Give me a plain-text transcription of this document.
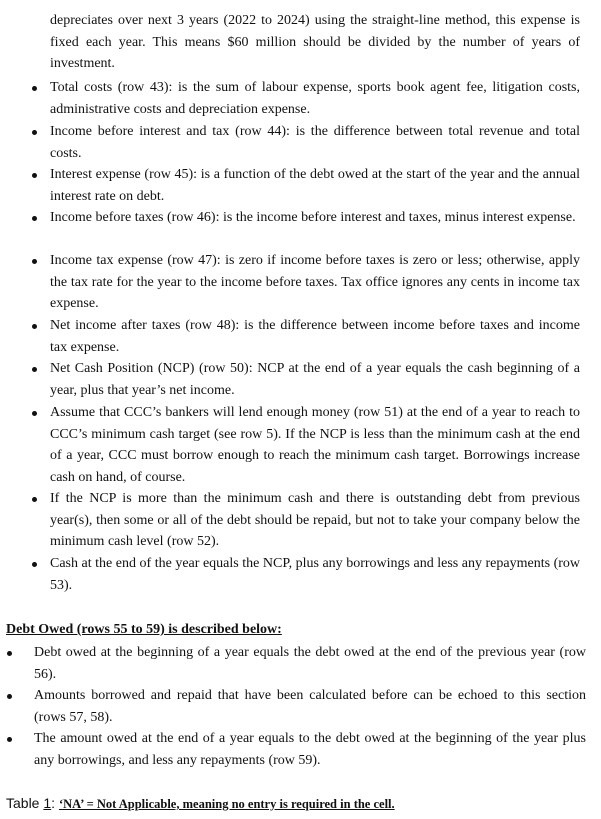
depreciates over next 3 years (2022 to 2024) using the straight-line method, this expense is fixed each year. This means $60 million should be divided by the number of years of investment.

Total costs (row 43): is the sum of labour expense, sports book agent fee, litigation costs, administrative costs and depreciation expense.
Income before interest and tax (row 44): is the difference between total revenue and total costs.
Interest expense (row 45): is a function of the debt owed at the start of the year and the annual interest rate on debt.
Income before taxes (row 46): is the income before interest and taxes, minus interest expense.
Income tax expense (row 47): is zero if income before taxes is zero or less; otherwise, apply the tax rate for the year to the income before taxes. Tax office ignores any cents in income tax expense.
Net income after taxes (row 48): is the difference between income before taxes and income tax expense.
Net Cash Position (NCP) (row 50): NCP at the end of a year equals the cash beginning of a year, plus that year’s net income.
Assume that CCC’s bankers will lend enough money (row 51) at the end of a year to reach to CCC’s minimum cash target (see row 5). If the NCP is less than the minimum cash at the end of a year, CCC must borrow enough to reach the minimum cash target. Borrowings increase cash on hand, of course.
If the NCP is more than the minimum cash and there is outstanding debt from previous year(s), then some or all of the debt should be repaid, but not to take your company below the minimum cash level (row 52).
Cash at the end of the year equals the NCP, plus any borrowings and less any repayments (row 53).

Debt Owed (rows 55 to 59) is described below:

Debt owed at the beginning of a year equals the debt owed at the end of the previous year (row 56).
Amounts borrowed and repaid that have been calculated before can be echoed to this section (rows 57, 58).
The amount owed at the end of a year equals to the debt owed at the beginning of the year plus any borrowings, and less any repayments (row 59).

Table 1: ‘NA’ = Not Applicable, meaning no entry is required in the cell.
